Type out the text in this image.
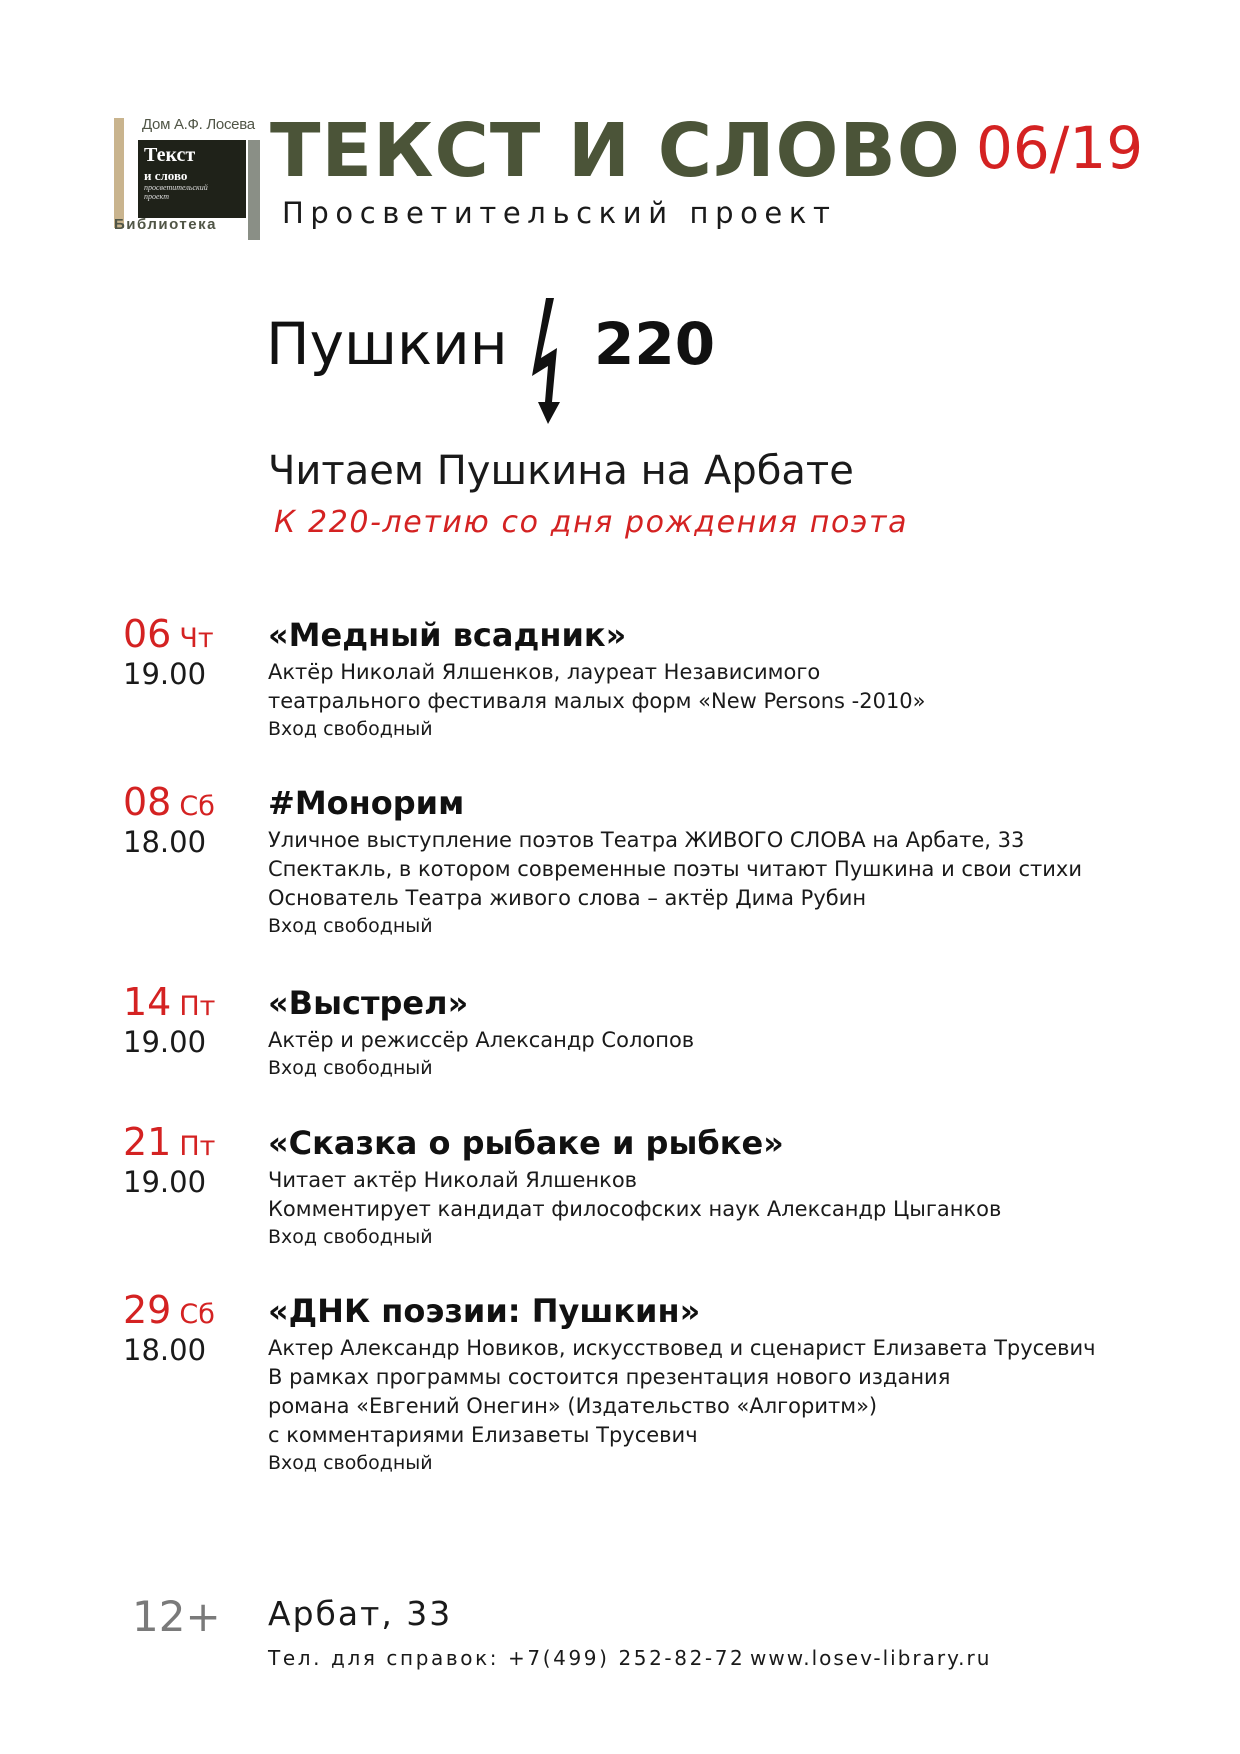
Дом А.Ф. Лосева
Текст
и слово
просветительский проект
Библиотека
ТЕКСТ И СЛОВО
Просветительский проект
06/19
Пушкин 220
Читаем Пушкина на Арбате
К 220-летию со дня рождения поэта
06 Чт
19.00
«Медный всадник»
Актёр Николай Ялшенков, лауреат Независимого
театрального фестиваля малых форм «New Persons -2010»
Вход свободный
08 Сб
18.00
#Монорим
Уличное выступление поэтов Театра ЖИВОГО СЛОВА на Арбате, 33
Спектакль, в котором современные поэты читают Пушкина и свои стихи
Основатель Театра живого слова – актёр Дима Рубин
Вход свободный
14 Пт
19.00
«Выстрел»
Актёр и режиссёр Александр Солопов
Вход свободный
21 Пт
19.00
«Сказка о рыбаке и рыбке»
Читает актёр Николай Ялшенков
Комментирует кандидат философских наук Александр Цыганков
Вход свободный
29 Сб
18.00
«ДНК поэзии: Пушкин»
Актер Александр Новиков, искусствовед и сценарист Елизавета Трусевич
В рамках программы состоится презентация нового издания
романа «Евгений Онегин» (Издательство «Алгоритм»)
с комментариями Елизаветы Трусевич
Вход свободный
12+ Арбат, 33
Тел. для справок: +7(499) 252-82-72 www.losev-library.ru
